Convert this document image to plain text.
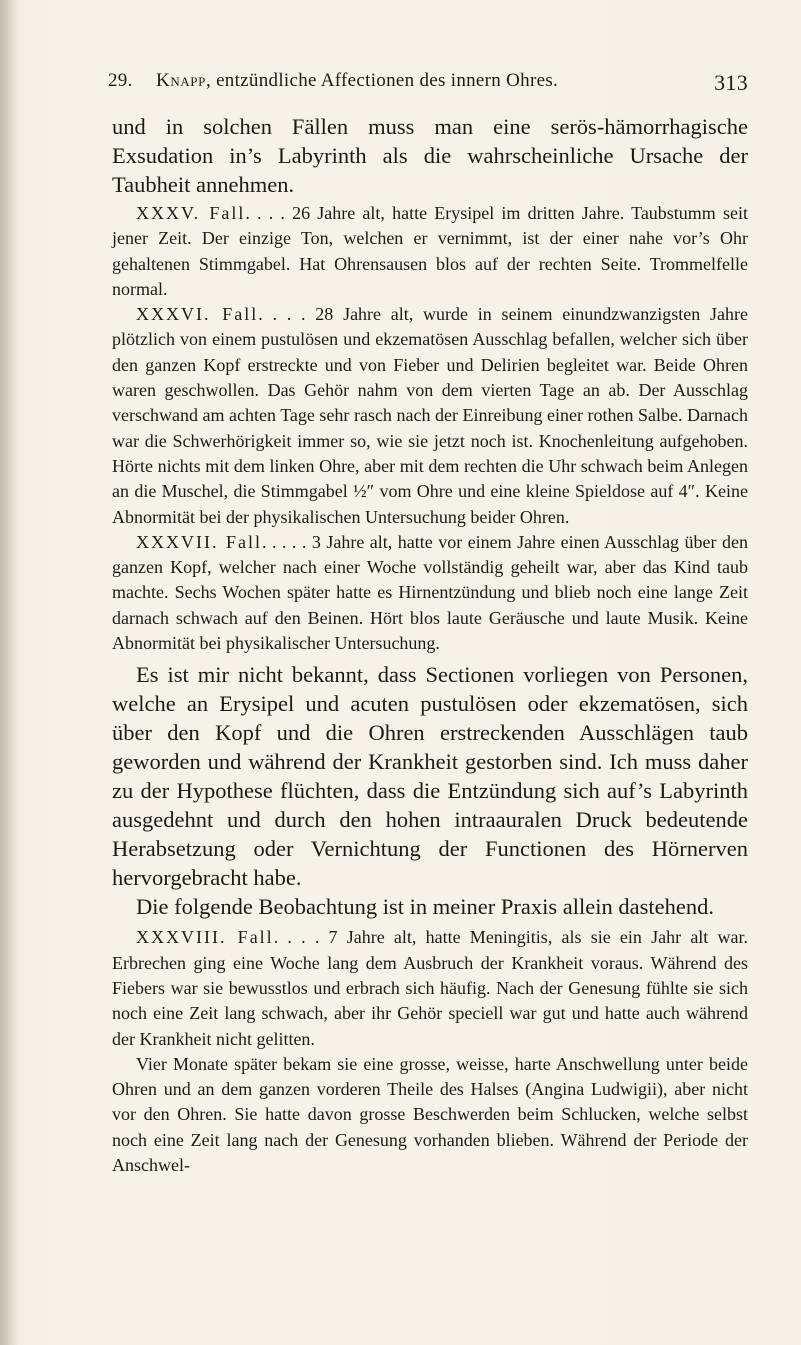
29. Knapp, entzündliche Affectionen des innern Ohres.	313

und in solchen Fällen muss man eine serös-hämorrhagische Exsudation in’s Labyrinth als die wahrscheinliche Ursache der Taubheit annehmen.

XXXV. Fall. . . . 26 Jahre alt, hatte Erysipel im dritten Jahre. Taubstumm seit jener Zeit. Der einzige Ton, welchen er vernimmt, ist der einer nahe vor’s Ohr gehaltenen Stimmgabel. Hat Ohrensausen blos auf der rechten Seite. Trommelfelle normal.

XXXVI. Fall. . . . 28 Jahre alt, wurde in seinem einundzwanzigsten Jahre plötzlich von einem pustulösen und ekzematösen Ausschlag befallen, welcher sich über den ganzen Kopf erstreckte und von Fieber und Delirien begleitet war. Beide Ohren waren geschwollen. Das Gehör nahm von dem vierten Tage an ab. Der Ausschlag verschwand am achten Tage sehr rasch nach der Einreibung einer rothen Salbe. Darnach war die Schwerhörigkeit immer so, wie sie jetzt noch ist. Knochenleitung aufgehoben. Hörte nichts mit dem linken Ohre, aber mit dem rechten die Uhr schwach beim Anlegen an die Muschel, die Stimmgabel ½″ vom Ohre und eine kleine Spieldose auf 4″. Keine Abnormität bei der physikalischen Untersuchung beider Ohren.

XXXVII. Fall. . . . . 3 Jahre alt, hatte vor einem Jahre einen Ausschlag über den ganzen Kopf, welcher nach einer Woche vollständig geheilt war, aber das Kind taub machte. Sechs Wochen später hatte es Hirnentzündung und blieb noch eine lange Zeit darnach schwach auf den Beinen. Hört blos laute Geräusche und laute Musik. Keine Abnormität bei physikalischer Untersuchung.

Es ist mir nicht bekannt, dass Sectionen vorliegen von Personen, welche an Erysipel und acuten pustulösen oder ekzematösen, sich über den Kopf und die Ohren erstreckenden Ausschlägen taub geworden und während der Krankheit gestorben sind. Ich muss daher zu der Hypothese flüchten, dass die Entzündung sich auf’s Labyrinth ausgedehnt und durch den hohen intraauralen Druck bedeutende Herabsetzung oder Vernichtung der Functionen des Hörnerven hervorgebracht habe.

Die folgende Beobachtung ist in meiner Praxis allein dastehend.

XXXVIII. Fall. . . . 7 Jahre alt, hatte Meningitis, als sie ein Jahr alt war. Erbrechen ging eine Woche lang dem Ausbruch der Krankheit voraus. Während des Fiebers war sie bewusstlos und erbrach sich häufig. Nach der Genesung fühlte sie sich noch eine Zeit lang schwach, aber ihr Gehör speciell war gut und hatte auch während der Krankheit nicht gelitten.

Vier Monate später bekam sie eine grosse, weisse, harte Anschwellung unter beide Ohren und an dem ganzen vorderen Theile des Halses (Angina Ludwigii), aber nicht vor den Ohren. Sie hatte davon grosse Beschwerden beim Schlucken, welche selbst noch eine Zeit lang nach der Genesung vorhanden blieben. Während der Periode der Anschwel-
